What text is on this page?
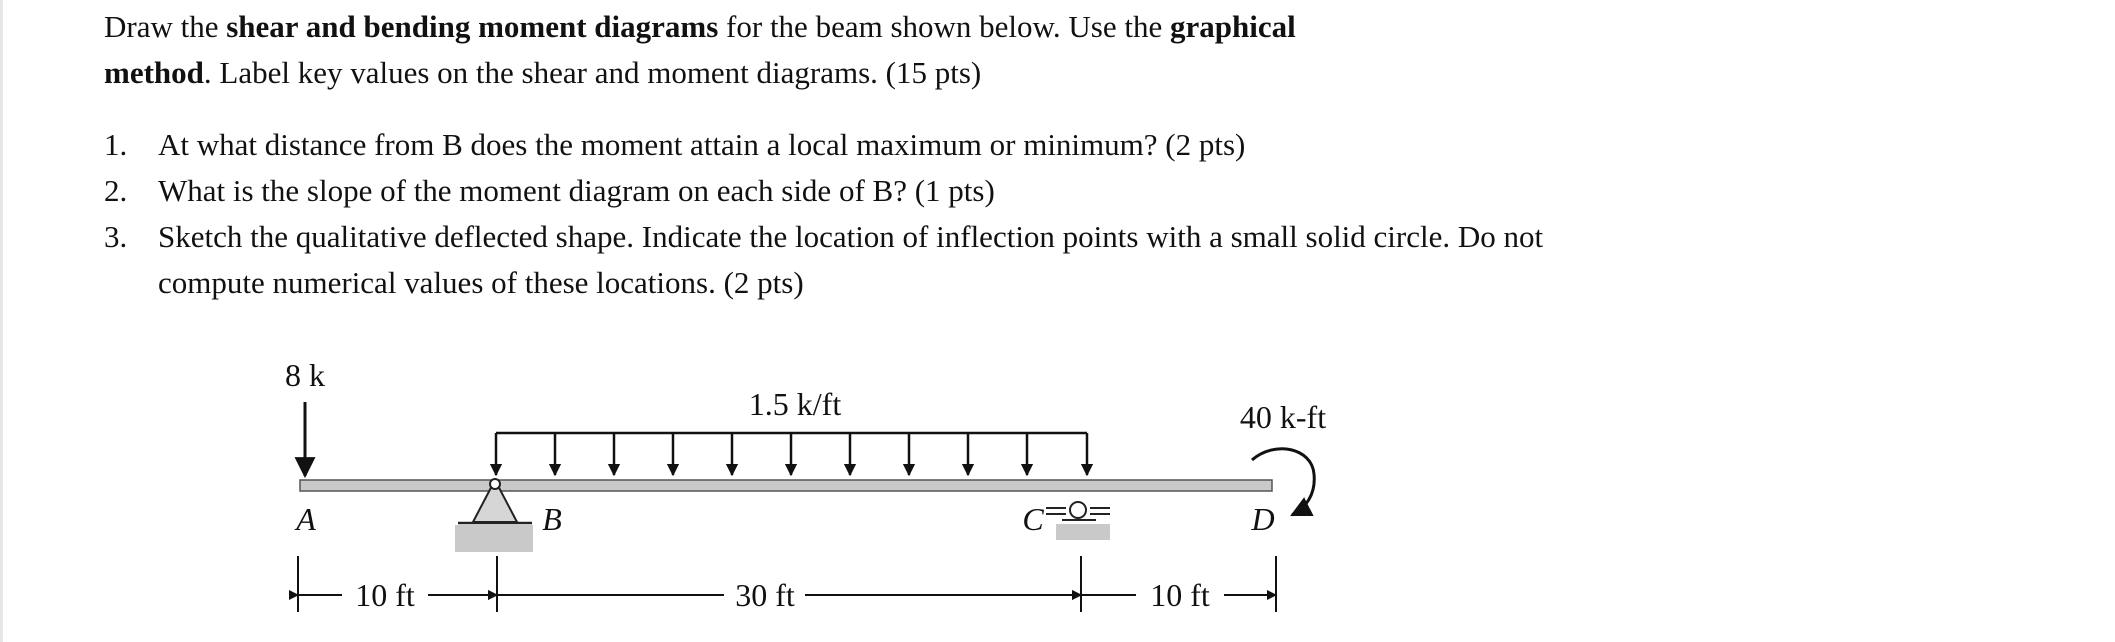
Draw the shear and bending moment diagrams for the beam shown below. Use the graphical
method. Label key values on the shear and moment diagrams. (15 pts)
1. At what distance from B does the moment attain a local maximum or minimum? (2 pts)
2. What is the slope of the moment diagram on each side of B? (1 pts)
3. Sketch the qualitative deflected shape. Indicate the location of inflection points with a small solid circle. Do not compute numerical values of these locations. (2 pts)
8 k
1.5 k/ft	40 k-ft
A	B	C	D
10 ft	30 ft	10 ft
